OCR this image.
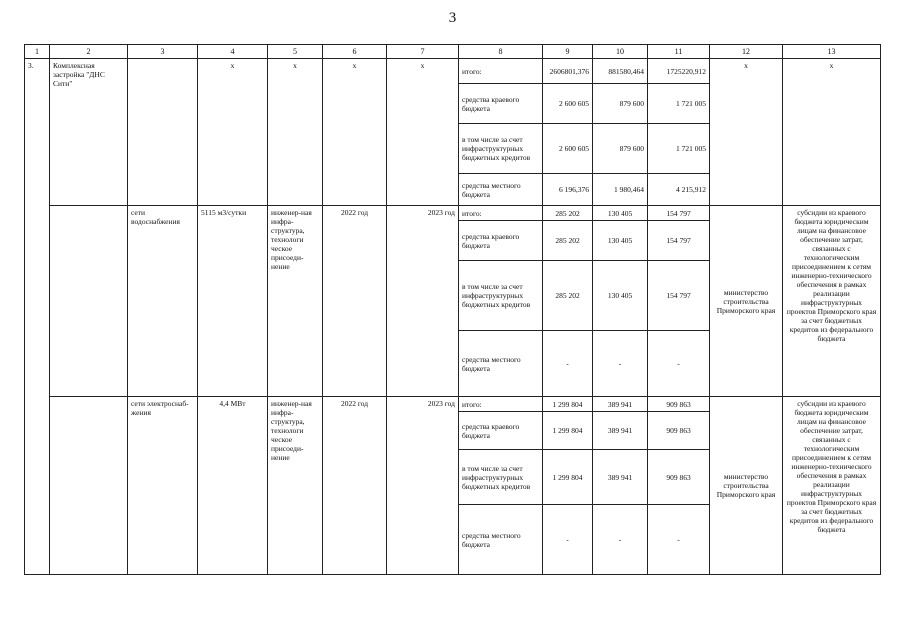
3
1	2	3	4	5	6	7	8	9	10	11	12	13
3.	Комплексная застройка "ДНС Сити"		х	х	х	х	итого:	2606801,376	881580,464	1725220,912	х	х
							средства краевого бюджета	2 600 605	879 600	1 721 005		
							в том числе за счет инфраструктурных бюджетных кредитов	2 600 605	879 600	1 721 005		
							средства местного бюджета	6 196,376	1 980,464	4 215,912		
		сети водоснабжения	5115 м3/сутки	инженер-ная инфра-структура, технологи ческое присоеди-нение	2022 год	2023 год	итого:	285 202	130 405	154 797	министерство строительства Приморского края	субсидии из краевого бюджета юридическим лицам на финансовое обеспечение затрат, связанных с технологическим присоединением к сетям инженерно-технического обеспечения в рамках реализации инфраструктурных проектов Приморского края за счет бюджетных кредитов из федерального бюджета
							средства краевого бюджета	285 202	130 405	154 797		
							в том числе за счет инфраструктурных бюджетных кредитов	285 202	130 405	154 797		
							средства местного бюджета	-	-	-		
		сети электроснаб-жения	4,4 МВт	инженер-ная инфра-структура, технологи ческое присоеди-нение	2022 год	2023 год	итого:	1 299 804	389 941	909 863	министерство строительства Приморского края	субсидии из краевого бюджета юридическим лицам на финансовое обеспечение затрат, связанных с технологическим присоединением к сетям инженерно-технического обеспечения в рамках реализации инфраструктурных проектов Приморского края за счет бюджетных кредитов из федерального бюджета
							средства краевого бюджета	1 299 804	389 941	909 863		
							в том числе за счет инфраструктурных бюджетных кредитов	1 299 804	389 941	909 863		
							средства местного бюджета	-	-	-		
